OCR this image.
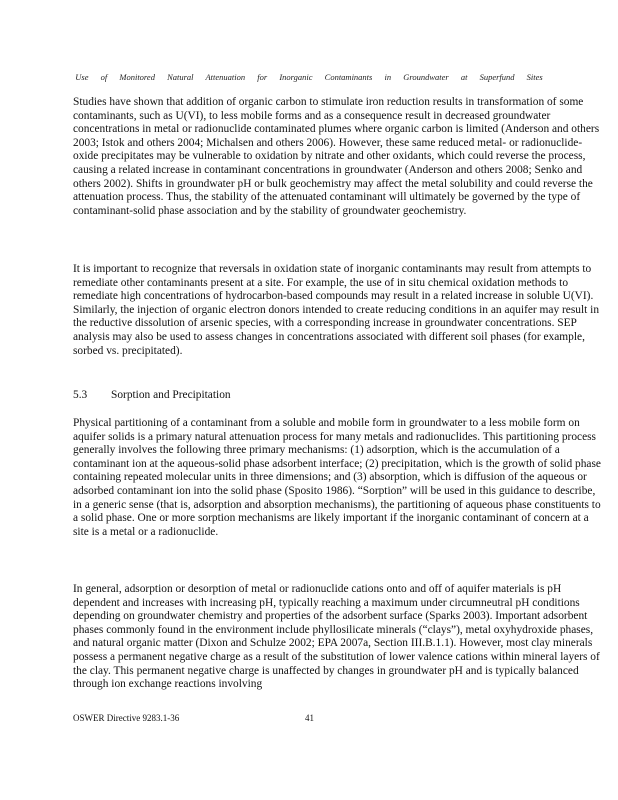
Use of Monitored Natural Attenuation for Inorganic Contaminants in Groundwater at Superfund Sites

Studies have shown that addition of organic carbon to stimulate iron reduction results in transformation of some contaminants, such as U(VI), to less mobile forms and as a consequence result in decreased groundwater concentrations in metal or radionuclide contaminated plumes where organic carbon is limited (Anderson and others 2003; Istok and others 2004; Michalsen and others 2006). However, these same reduced metal- or radionuclide-oxide precipitates may be vulnerable to oxidation by nitrate and other oxidants, which could reverse the process, causing a related increase in contaminant concentrations in groundwater (Anderson and others 2008; Senko and others 2002). Shifts in groundwater pH or bulk geochemistry may affect the metal solubility and could reverse the attenuation process. Thus, the stability of the attenuated contaminant will ultimately be governed by the type of contaminant-solid phase association and by the stability of groundwater geochemistry.

It is important to recognize that reversals in oxidation state of inorganic contaminants may result from attempts to remediate other contaminants present at a site. For example, the use of in situ chemical oxidation methods to remediate high concentrations of hydrocarbon-based compounds may result in a related increase in soluble U(VI). Similarly, the injection of organic electron donors intended to create reducing conditions in an aquifer may result in the reductive dissolution of arsenic species, with a corresponding increase in groundwater concentrations. SEP analysis may also be used to assess changes in concentrations associated with different soil phases (for example, sorbed vs. precipitated).

5.3 Sorption and Precipitation

Physical partitioning of a contaminant from a soluble and mobile form in groundwater to a less mobile form on aquifer solids is a primary natural attenuation process for many metals and radionuclides. This partitioning process generally involves the following three primary mechanisms: (1) adsorption, which is the accumulation of a contaminant ion at the aqueous-solid phase adsorbent interface; (2) precipitation, which is the growth of solid phase containing repeated molecular units in three dimensions; and (3) absorption, which is diffusion of the aqueous or adsorbed contaminant ion into the solid phase (Sposito 1986). “Sorption” will be used in this guidance to describe, in a generic sense (that is, adsorption and absorption mechanisms), the partitioning of aqueous phase constituents to a solid phase. One or more sorption mechanisms are likely important if the inorganic contaminant of concern at a site is a metal or a radionuclide.

In general, adsorption or desorption of metal or radionuclide cations onto and off of aquifer materials is pH dependent and increases with increasing pH, typically reaching a maximum under circumneutral pH conditions depending on groundwater chemistry and properties of the adsorbent surface (Sparks 2003). Important adsorbent phases commonly found in the environment include phyllosilicate minerals (“clays”), metal oxyhydroxide phases, and natural organic matter (Dixon and Schulze 2002; EPA 2007a, Section III.B.1.1). However, most clay minerals possess a permanent negative charge as a result of the substitution of lower valence cations within mineral layers of the clay. This permanent negative charge is unaffected by changes in groundwater pH and is typically balanced through ion exchange reactions involving

OSWER Directive 9283.1-36	41
